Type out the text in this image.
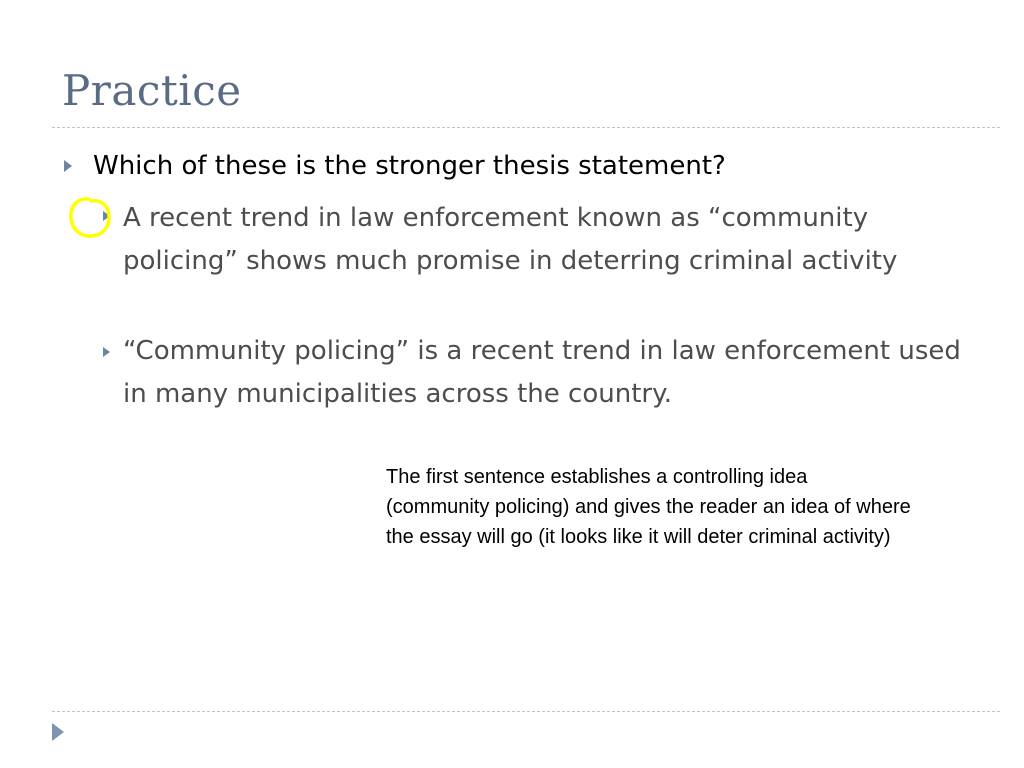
Practice
Which of these is the stronger thesis statement?

A recent trend in law enforcement known as “community policing” shows much promise in deterring criminal activity

“Community policing” is a recent trend in law enforcement used in many municipalities across the country.

The first sentence establishes a controlling idea (community policing) and gives the reader an idea of where the essay will go (it looks like it will deter criminal activity)
